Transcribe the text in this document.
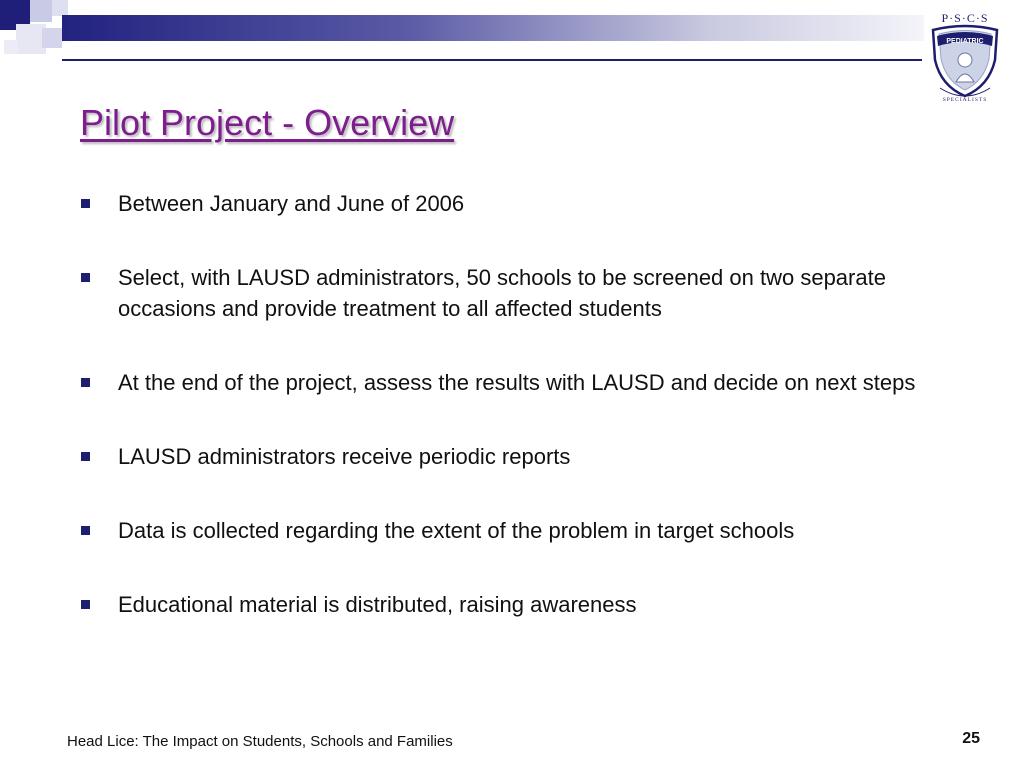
P·S·C·S
PEDIATRIC
SPECIALISTS
Pilot Project - Overview
Between January and June of 2006
Select, with LAUSD administrators, 50 schools to be screened on two separate occasions and provide treatment to all affected students
At the end of the project, assess the results with LAUSD and decide on next steps
LAUSD administrators receive periodic reports
Data is collected regarding the extent of the problem in target schools
Educational material is distributed, raising awareness
Head Lice: The Impact on Students, Schools and Families	25
